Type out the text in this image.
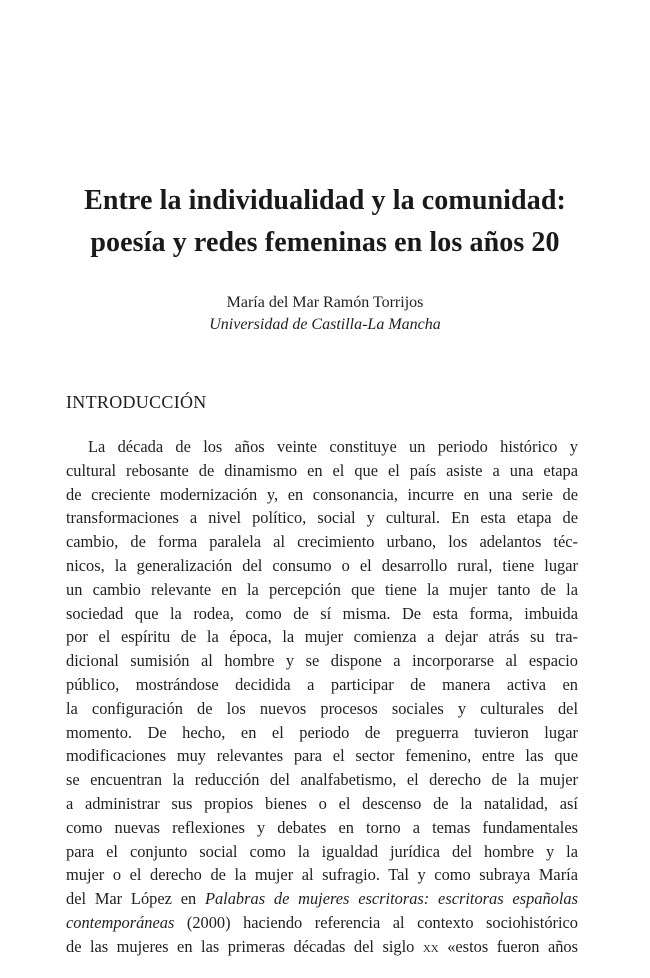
Entre la individualidad y la comunidad:
poesía y redes femeninas en los años 20
María del Mar Ramón Torrijos
Universidad de Castilla-La Mancha
INTRODUCCIÓN
La década de los años veinte constituye un periodo histórico y
cultural rebosante de dinamismo en el que el país asiste a una etapa
de creciente modernización y, en consonancia, incurre en una serie de
transformaciones a nivel político, social y cultural. En esta etapa de
cambio, de forma paralela al crecimiento urbano, los adelantos téc-
nicos, la generalización del consumo o el desarrollo rural, tiene lugar
un cambio relevante en la percepción que tiene la mujer tanto de la
sociedad que la rodea, como de sí misma. De esta forma, imbuida
por el espíritu de la época, la mujer comienza a dejar atrás su tra-
dicional sumisión al hombre y se dispone a incorporarse al espacio
público, mostrándose decidida a participar de manera activa en
la configuración de los nuevos procesos sociales y culturales del
momento. De hecho, en el periodo de preguerra tuvieron lugar
modificaciones muy relevantes para el sector femenino, entre las que
se encuentran la reducción del analfabetismo, el derecho de la mujer
a administrar sus propios bienes o el descenso de la natalidad, así
como nuevas reflexiones y debates en torno a temas fundamentales
para el conjunto social como la igualdad jurídica del hombre y la
mujer o el derecho de la mujer al sufragio. Tal y como subraya María
del Mar López en Palabras de mujeres escritoras: escritoras españolas
contemporáneas (2000) haciendo referencia al contexto sociohistórico
de las mujeres en las primeras décadas del siglo xx «estos fueron años
